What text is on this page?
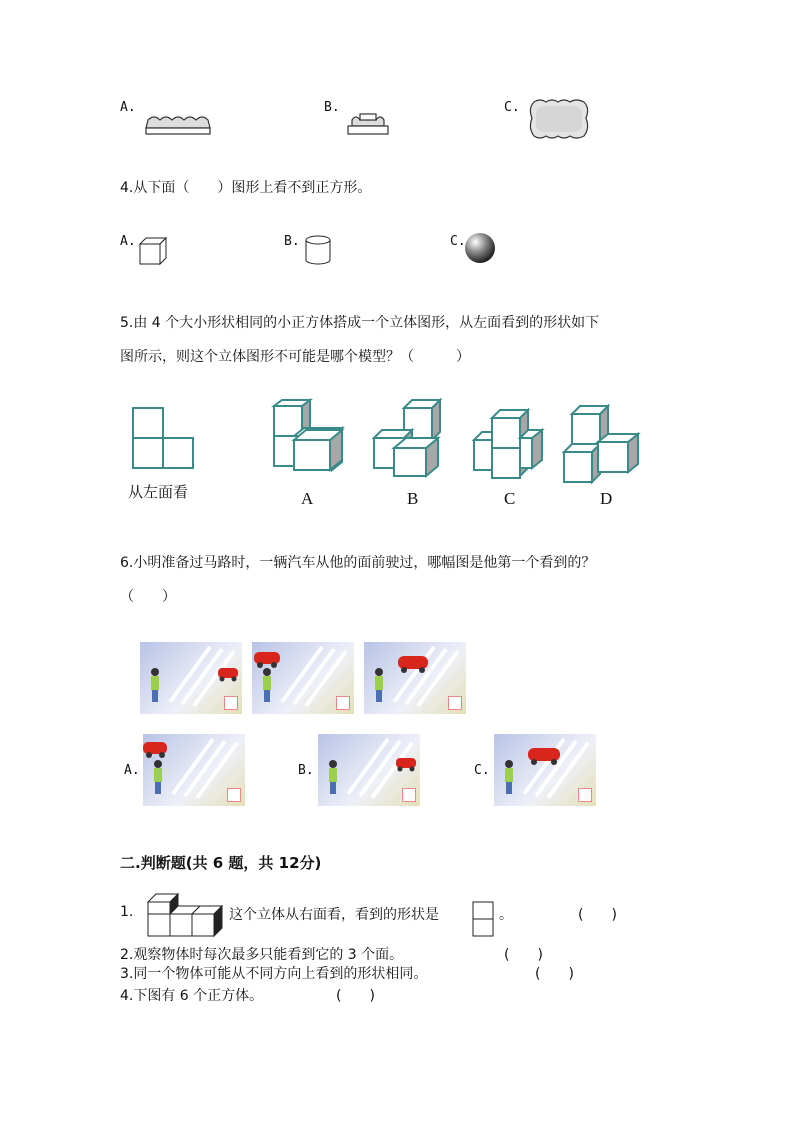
A.	B.	C.
4.从下面（　　）图形上看不到正方形。
A.	B.	C.
5.由 4 个大小形状相同的小正方体搭成一个立体图形，从左面看到的形状如下
图所示，则这个立体图形不可能是哪个模型？（　　　）
从左面看	A	B	C	D
6.小明准备过马路时，一辆汽车从他的面前驶过，哪幅图是他第一个看到的？
（　　）
A.	B.	C.
二.判断题(共 6 题，共 12分)
1.	这个立体从右面看，看到的形状是	。	(　　)
2.观察物体时每次最多只能看到它的 3 个面。	(　　)
3.同一个物体可能从不同方向上看到的形状相同。	(　　)
4.下图有 6 个正方体。	(　　)
